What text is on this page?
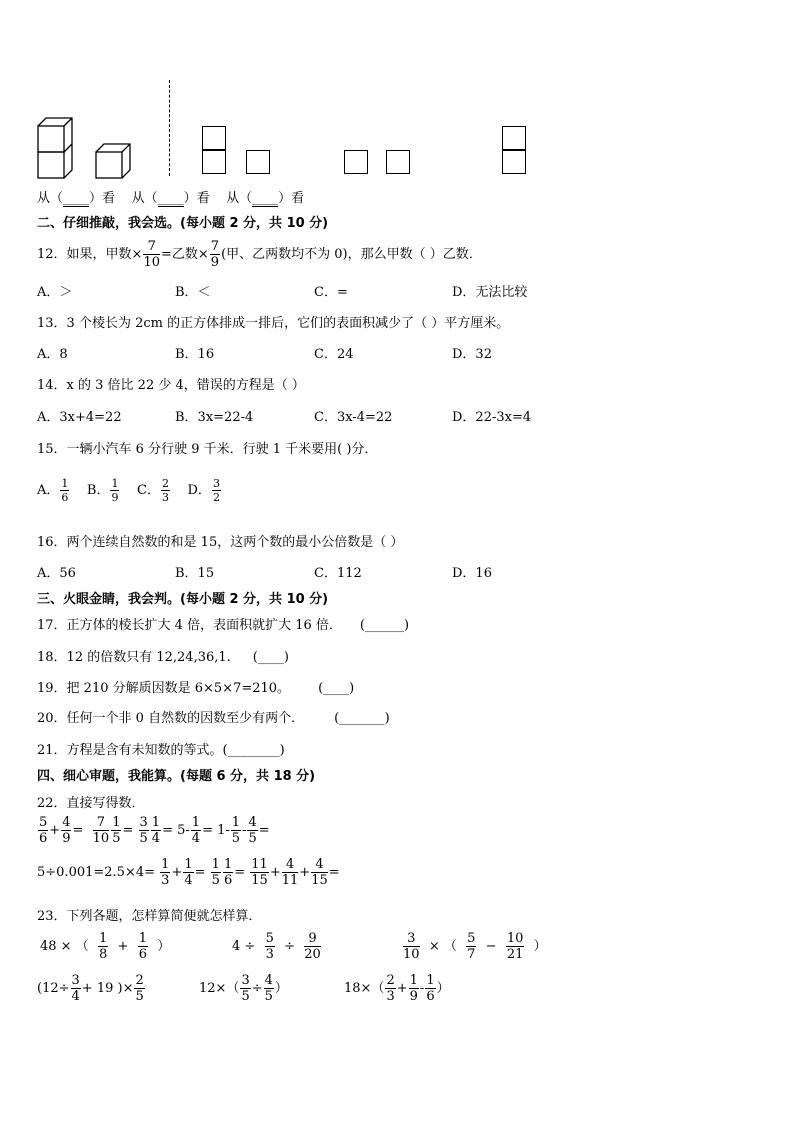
从（____）看 从（____）看 从（____）看
二、仔细推敲，我会选。(每小题 2 分，共 10 分)
12．如果，甲数× $\frac{7}{10}$ =乙数× $\frac{7}{9}$ (甲、乙两数均不为 0)，那么甲数（ ）乙数．
A．＞	B．＜	C．=	D．无法比较
13．3 个棱长为 2cm 的正方体排成一排后，它们的表面积减少了（ ）平方厘米。
A．8	B．16	C．24	D．32
14．x 的 3 倍比 22 少 4，错误的方程是（ ）
A．3x+4=22	B．3x=22-4	C．3x-4=22	D．22-3x=4
15．一辆小汽车 6 分行驶 9 千米．行驶 1 千米要用( )分．
A． $\frac{1}{6}$ B． $\frac{1}{9}$ C． $\frac{2}{3}$ D． $\frac{3}{2}$
16．两个连续自然数的和是 15，这两个数的最小公倍数是（ ）
A．56	B．15	C．112	D．16
三、火眼金睛，我会判。(每小题 2 分，共 10 分)
17．正方体的棱长扩大 4 倍，表面积就扩大 16 倍． (______)
18．12 的倍数只有 12,24,36,1. (____)
19．把 210 分解质因数是 6×5×7=210。 (____)
20．任何一个非 0 自然数的因数至少有两个． (_______)
21．方程是含有未知数的等式。(________)
四、细心审题，我能算。(每题 6 分，共 18 分)
22．直接写得数．
$\frac{5}{6} + \frac{4}{9} = \frac{7}{10} \frac{1}{5} = \frac{3}{5} \frac{1}{4} = 5- \frac{1}{4} = 1- \frac{1}{5} - \frac{4}{5}$ =
$5\div 0.001=2.5\times 4= \frac{1}{3} + \frac{1}{4} = \frac{1}{5} \frac{1}{6} = \frac{11}{15} + \frac{4}{11} + \frac{4}{15}$ =
23．下列各题，怎样算简便就怎样算．
48 × （ $\frac{1}{8} + \frac{1}{6}$ ）	$4 \div \frac{5}{3} \div \frac{9}{20}$	$\frac{3}{10}$ × （ $\frac{5}{7} - \frac{10}{21}$ ）
($12\div \frac{3}{4} + 19$ )× $\frac{2}{5}$	$12\times( \frac{3}{5} \div \frac{4}{5}$ ）	$18\times( \frac{2}{3} + \frac{1}{9} - \frac{1}{6}$ ）
